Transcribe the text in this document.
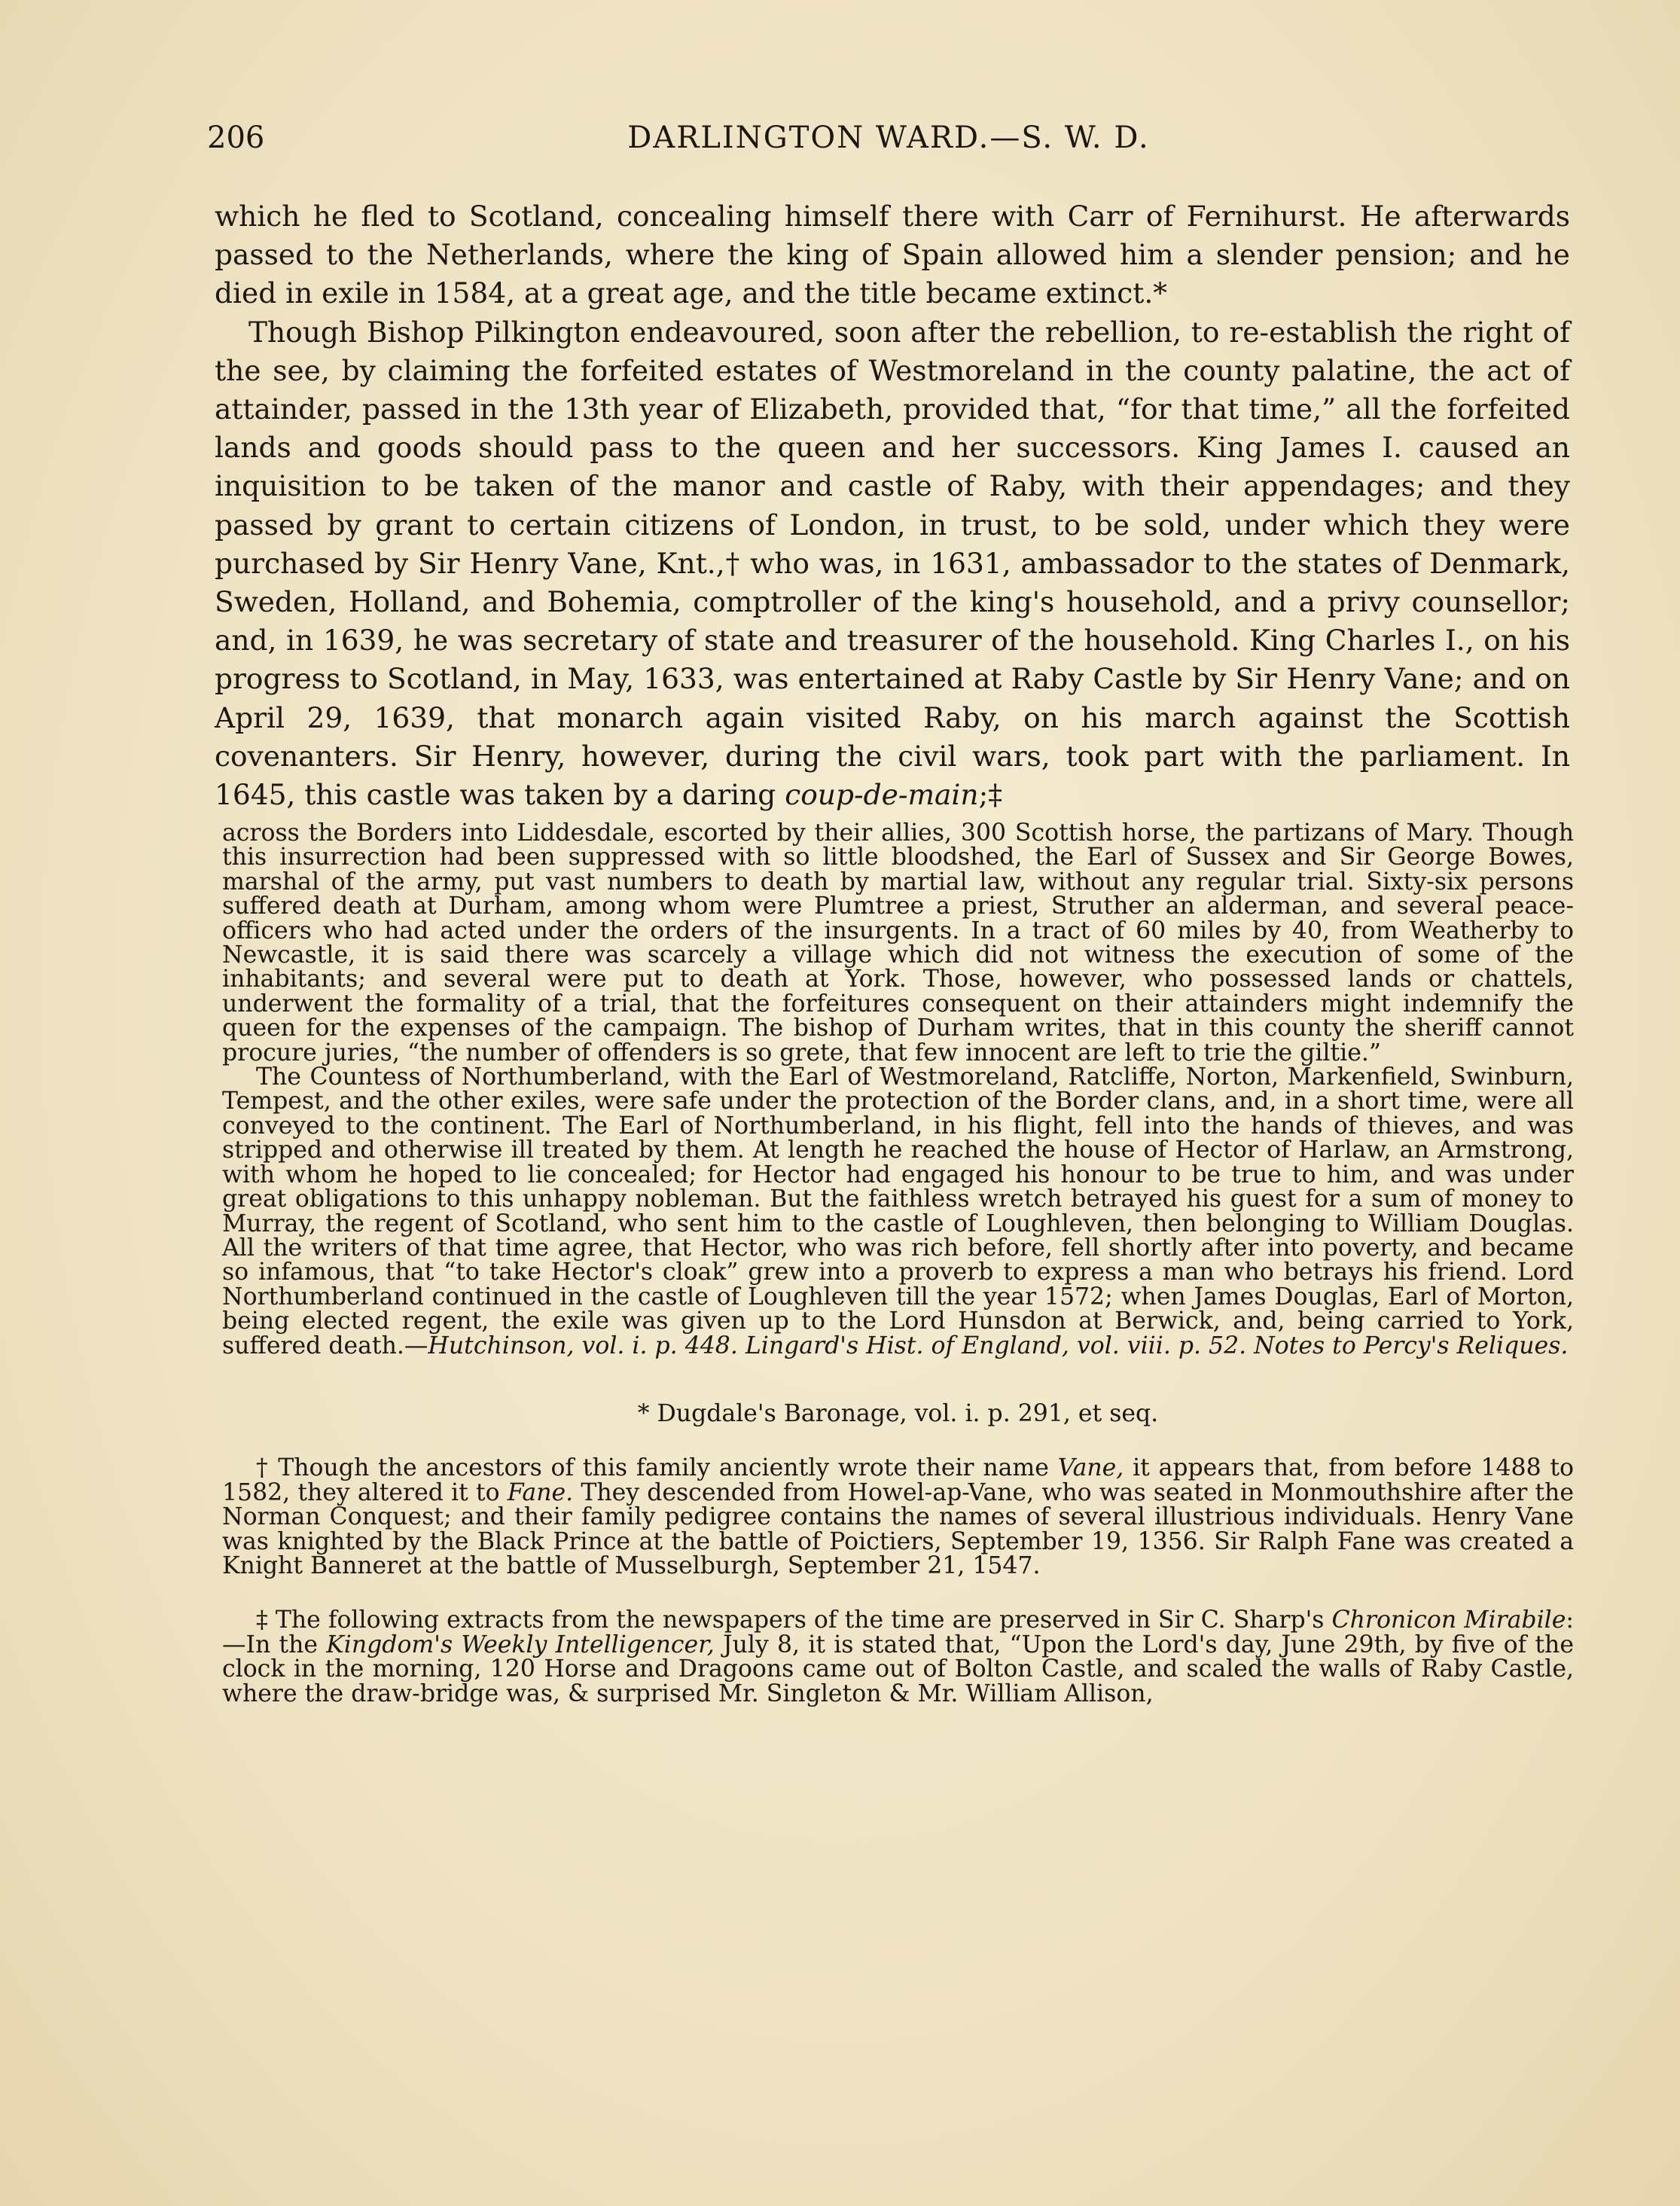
206	DARLINGTON WARD.—S. W. D.

which he fled to Scotland, concealing himself there with Carr of Fernihurst. He afterwards passed to the Netherlands, where the king of Spain allowed him a slender pension; and he died in exile in 1584, at a great age, and the title became extinct.*

Though Bishop Pilkington endeavoured, soon after the rebellion, to re-establish the right of the see, by claiming the forfeited estates of Westmoreland in the county palatine, the act of attainder, passed in the 13th year of Elizabeth, provided that, “for that time,” all the forfeited lands and goods should pass to the queen and her successors. King James I. caused an inquisition to be taken of the manor and castle of Raby, with their appendages; and they passed by grant to certain citizens of London, in trust, to be sold, under which they were purchased by Sir Henry Vane, Knt.,† who was, in 1631, ambassador to the states of Denmark, Sweden, Holland, and Bohemia, comptroller of the king's household, and a privy counsellor; and, in 1639, he was secretary of state and treasurer of the household. King Charles I., on his progress to Scotland, in May, 1633, was entertained at Raby Castle by Sir Henry Vane; and on April 29, 1639, that monarch again visited Raby, on his march against the Scottish covenanters. Sir Henry, however, during the civil wars, took part with the parliament. In 1645, this castle was taken by a daring coup-de-main;‡

across the Borders into Liddesdale, escorted by their allies, 300 Scottish horse, the partizans of Mary. Though this insurrection had been suppressed with so little bloodshed, the Earl of Sussex and Sir George Bowes, marshal of the army, put vast numbers to death by martial law, without any regular trial. Sixty-six persons suffered death at Durham, among whom were Plumtree a priest, Struther an alderman, and several peace-officers who had acted under the orders of the insurgents. In a tract of 60 miles by 40, from Weatherby to Newcastle, it is said there was scarcely a village which did not witness the execution of some of the inhabitants; and several were put to death at York. Those, however, who possessed lands or chattels, underwent the formality of a trial, that the forfeitures consequent on their attainders might indemnify the queen for the expenses of the campaign. The bishop of Durham writes, that in this county the sheriff cannot procure juries, “the number of offenders is so grete, that few innocent are left to trie the giltie.”

The Countess of Northumberland, with the Earl of Westmoreland, Ratcliffe, Norton, Markenfield, Swinburn, Tempest, and the other exiles, were safe under the protection of the Border clans, and, in a short time, were all conveyed to the continent. The Earl of Northumberland, in his flight, fell into the hands of thieves, and was stripped and otherwise ill treated by them. At length he reached the house of Hector of Harlaw, an Armstrong, with whom he hoped to lie concealed; for Hector had engaged his honour to be true to him, and was under great obligations to this unhappy nobleman. But the faithless wretch betrayed his guest for a sum of money to Murray, the regent of Scotland, who sent him to the castle of Loughleven, then belonging to William Douglas. All the writers of that time agree, that Hector, who was rich before, fell shortly after into poverty, and became so infamous, that “to take Hector's cloak” grew into a proverb to express a man who betrays his friend. Lord Northumberland continued in the castle of Loughleven till the year 1572; when James Douglas, Earl of Morton, being elected regent, the exile was given up to the Lord Hunsdon at Berwick, and, being carried to York, suffered death.—Hutchinson, vol. i. p. 448. Lingard's Hist. of England, vol. viii. p. 52. Notes to Percy's Reliques.

* Dugdale's Baronage, vol. i. p. 291, et seq.

† Though the ancestors of this family anciently wrote their name Vane, it appears that, from before 1488 to 1582, they altered it to Fane. They descended from Howel-ap-Vane, who was seated in Monmouthshire after the Norman Conquest; and their family pedigree contains the names of several illustrious individuals. Henry Vane was knighted by the Black Prince at the battle of Poictiers, September 19, 1356. Sir Ralph Fane was created a Knight Banneret at the battle of Musselburgh, September 21, 1547.

‡ The following extracts from the newspapers of the time are preserved in Sir C. Sharp's Chronicon Mirabile:—In the Kingdom's Weekly Intelligencer, July 8, it is stated that, “Upon the Lord's day, June 29th, by five of the clock in the morning, 120 Horse and Dragoons came out of Bolton Castle, and scaled the walls of Raby Castle, where the draw-bridge was, & surprised Mr. Singleton & Mr. William Allison,
